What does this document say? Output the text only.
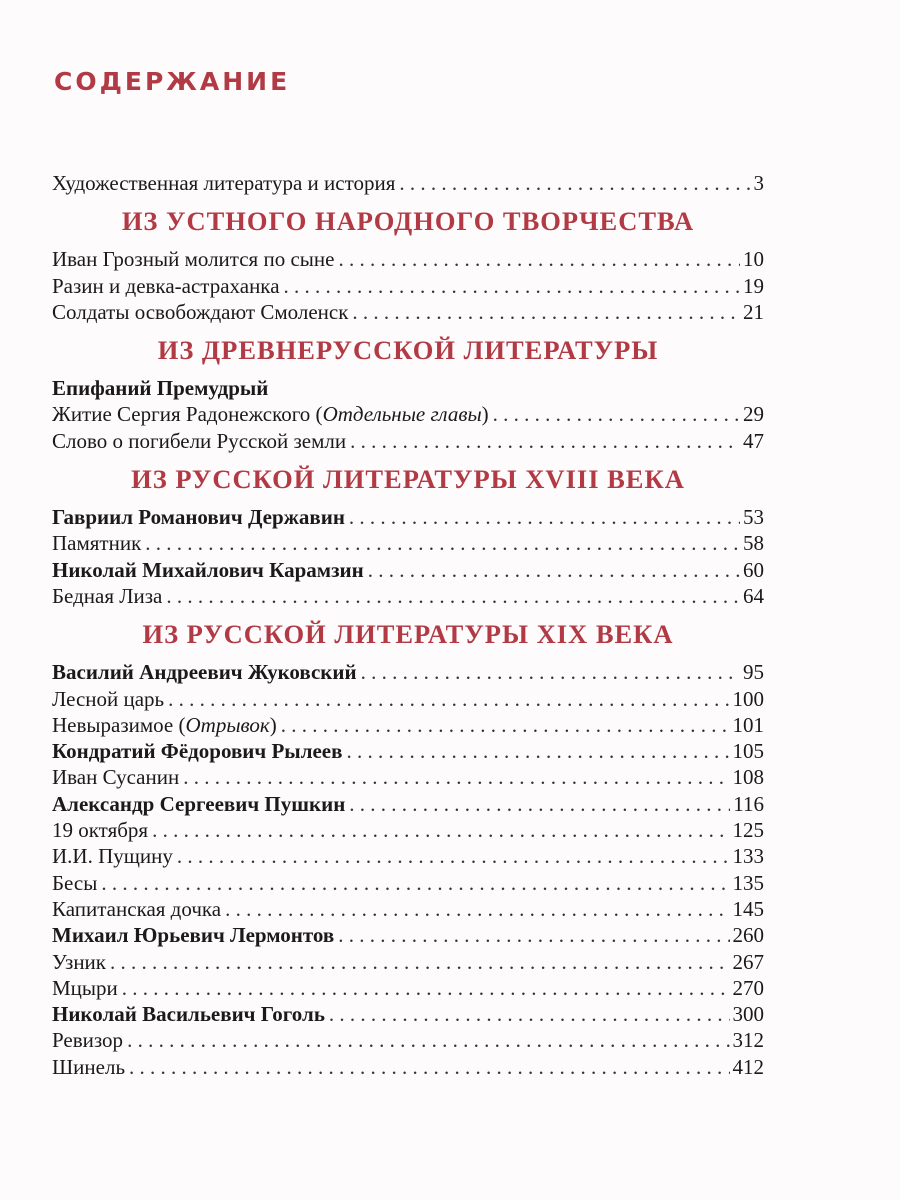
СОДЕРЖАНИЕ
Художественная литература и история . . .	3
ИЗ УСТНОГО НАРОДНОГО ТВОРЧЕСТВА
Иван Грозный молится по сыне . . .	10
Разин и девка-астраханка . . .	19
Солдаты освобождают Смоленск . . .	21
ИЗ ДРЕВНЕРУССКОЙ ЛИТЕРАТУРЫ
Епифаний Премудрый
Житие Сергия Радонежского (Отдельные главы) . . .	29
Слово о погибели Русской земли . . .	47
ИЗ РУССКОЙ ЛИТЕРАТУРЫ XVIII ВЕКА
Гавриил Романович Державин . . .	53
Памятник . . .	58
Николай Михайлович Карамзин . . .	60
Бедная Лиза . . .	64
ИЗ РУССКОЙ ЛИТЕРАТУРЫ XIX ВЕКА
Василий Андреевич Жуковский . . .	95
Лесной царь . . .	100
Невыразимое (Отрывок) . . .	101
Кондратий Фёдорович Рылеев . . .	105
Иван Сусанин . . .	108
Александр Сергеевич Пушкин . . .	116
19 октября . . .	125
И.И. Пущину . . .	133
Бесы . . .	135
Капитанская дочка . . .	145
Михаил Юрьевич Лермонтов . . .	260
Узник . . .	267
Мцыри . . .	270
Николай Васильевич Гоголь . . .	300
Ревизор . . .	312
Шинель . . .	412
